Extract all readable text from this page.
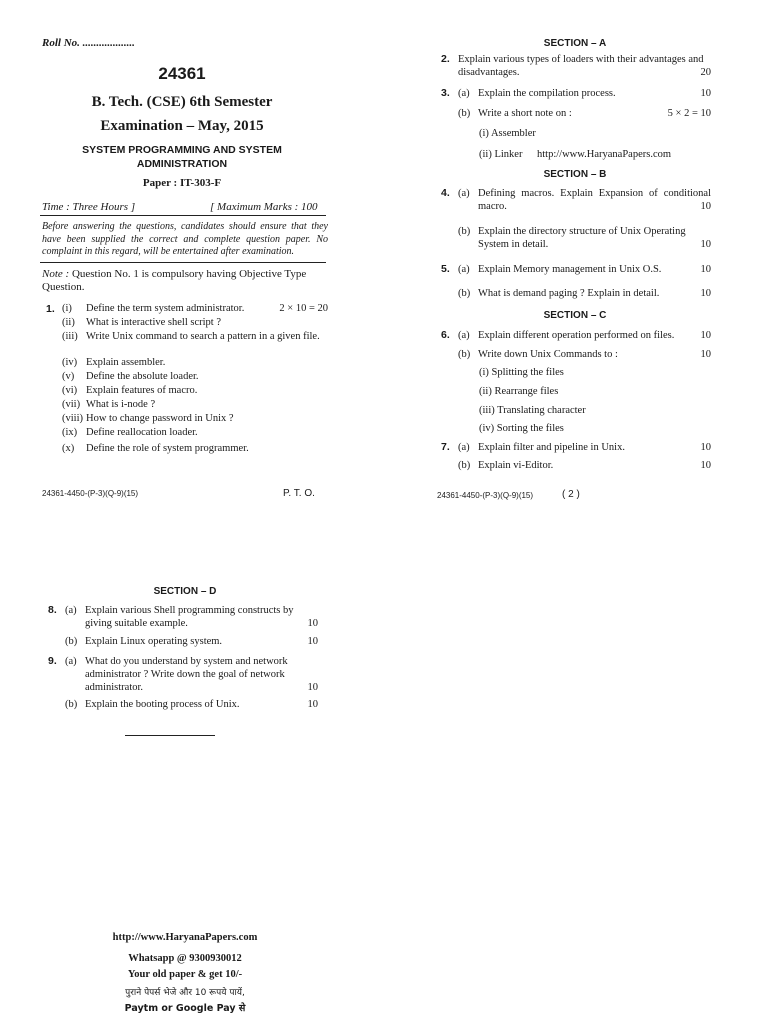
Roll No. ...................
24361
B. Tech. (CSE) 6th Semester
Examination – May, 2015
SYSTEM PROGRAMMING AND SYSTEM
ADMINISTRATION
Paper : IT-303-F
Time : Three Hours ]	[ Maximum Marks : 100
Before answering the questions, candidates should ensure that they have been supplied the correct and complete question paper. No complaint in this regard, will be entertained after examination.
Note : Question No. 1 is compulsory having Objective Type Question.
1. (i) Define the term system administrator.	2 × 10 = 20
(ii) What is interactive shell script ?
(iii) Write Unix command to search a pattern in a given file.
(iv) Explain assembler.
(v) Define the absolute loader.
(vi) Explain features of macro.
(vii) What is i-node ?
(viii) How to change password in Unix ?
(ix) Define reallocation loader.
(x) Define the role of system programmer.
24361-4450-(P-3)(Q-9)(15)	P. T. O.
SECTION – A
2. Explain various types of loaders with their advantages and disadvantages.	20
3. (a) Explain the compilation process.	10
(b) Write a short note on :	5 × 2 = 10
(i) Assembler
(ii) Linker http://www.HaryanaPapers.com
SECTION – B
4. (a) Defining macros. Explain Expansion of conditional macro.	10
(b) Explain the directory structure of Unix Operating System in detail.	10
5. (a) Explain Memory management in Unix O.S.	10
(b) What is demand paging ? Explain in detail.	10
SECTION – C
6. (a) Explain different operation performed on files. 10
(b) Write down Unix Commands to :	10
(i) Splitting the files
(ii) Rearrange files
(iii) Translating character
(iv) Sorting the files
7. (a) Explain filter and pipeline in Unix.	10
(b) Explain vi-Editor.	10
24361-4450-(P-3)(Q-9)(15)	( 2 )
SECTION – D
8. (a) Explain various Shell programming constructs by giving suitable example.	10
(b) Explain Linux operating system.	10
9. (a) What do you understand by system and network administrator ? Write down the goal of network administrator.	10
(b) Explain the booting process of Unix.	10
http://www.HaryanaPapers.com
Whatsapp @ 9300930012
Your old paper & get 10/-
पुराने पेपर्स भेजे और 10 रूपये पायें,
Paytm or Google Pay से
